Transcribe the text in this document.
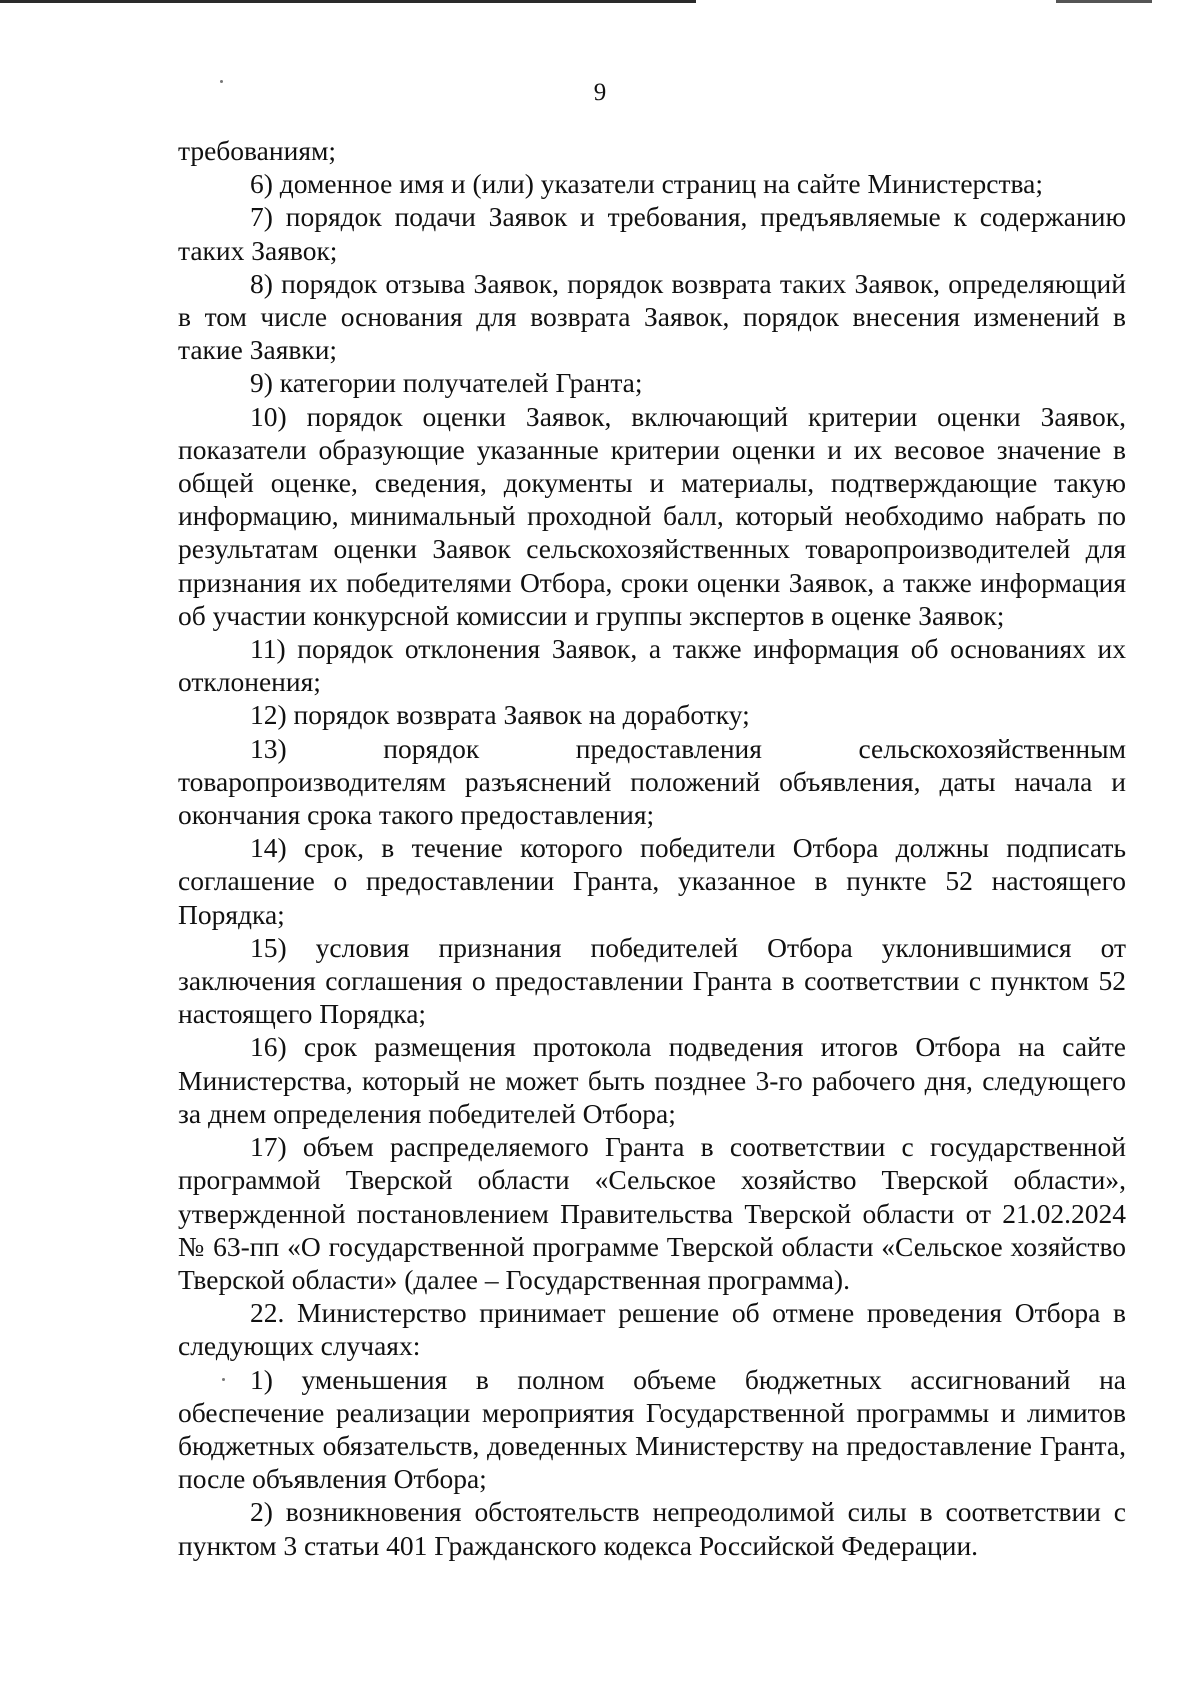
9

требованиям;

6) доменное имя и (или) указатели страниц на сайте Министерства;

7) порядок подачи Заявок и требования, предъявляемые к содержанию таких Заявок;

8) порядок отзыва Заявок, порядок возврата таких Заявок, определяющий в том числе основания для возврата Заявок, порядок внесения изменений в такие Заявки;

9) категории получателей Гранта;

10) порядок оценки Заявок, включающий критерии оценки Заявок, показатели образующие указанные критерии оценки и их весовое значение в общей оценке, сведения, документы и материалы, подтверждающие такую информацию, минимальный проходной балл, который необходимо набрать по результатам оценки Заявок сельскохозяйственных товаропроизводителей для признания их победителями Отбора, сроки оценки Заявок, а также информация об участии конкурсной комиссии и группы экспертов в оценке Заявок;

11) порядок отклонения Заявок, а также информация об основаниях их отклонения;

12) порядок возврата Заявок на доработку;

13) порядок предоставления сельскохозяйственным товаропроизводителям разъяснений положений объявления, даты начала и окончания срока такого предоставления;

14) срок, в течение которого победители Отбора должны подписать соглашение о предоставлении Гранта, указанное в пункте 52 настоящего Порядка;

15) условия признания победителей Отбора уклонившимися от заключения соглашения о предоставлении Гранта в соответствии с пунктом 52 настоящего Порядка;

16) срок размещения протокола подведения итогов Отбора на сайте Министерства, который не может быть позднее 3-го рабочего дня, следующего за днем определения победителей Отбора;

17) объем распределяемого Гранта в соответствии с государственной программой Тверской области «Сельское хозяйство Тверской области», утвержденной постановлением Правительства Тверской области от 21.02.2024 № 63-пп «О государственной программе Тверской области «Сельское хозяйство Тверской области» (далее – Государственная программа).

22. Министерство принимает решение об отмене проведения Отбора в следующих случаях:

1) уменьшения в полном объеме бюджетных ассигнований на обеспечение реализации мероприятия Государственной программы и лимитов бюджетных обязательств, доведенных Министерству на предоставление Гранта, после объявления Отбора;

2) возникновения обстоятельств непреодолимой силы в соответствии с пунктом 3 статьи 401 Гражданского кодекса Российской Федерации.
